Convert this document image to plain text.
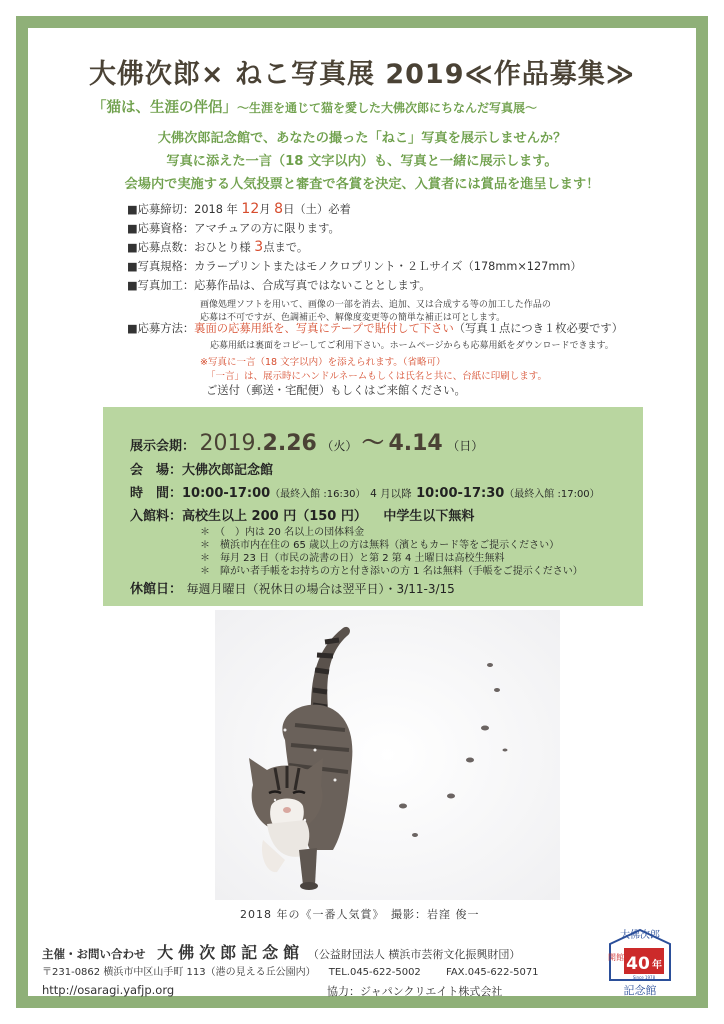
大佛次郎× ねこ写真展 2019≪作品募集≫
「猫は、生涯の伴侶」～生涯を通じて猫を愛した大佛次郎にちなんだ写真展～
大佛次郎記念館で、あなたの撮った「ねこ」写真を展示しませんか？
写真に添えた一言（18 文字以内）も、写真と一緒に展示します。
会場内で実施する人気投票と審査で各賞を決定、入賞者には賞品を進呈します！
■応募締切：2018 年 12月 8日（土）必着
■応募資格：アマチュアの方に限ります。
■応募点数：おひとり様 3点まで。
■写真規格：カラープリントまたはモノクロプリント・２Ｌサイズ（178mm×127mm）
■写真加工：応募作品は、合成写真ではないこととします。
画像処理ソフトを用いて、画像の一部を消去、追加、又は合成する等の加工した作品の
応募は不可ですが、色調補正や、解像度変更等の簡単な補正は可とします。
■応募方法：裏面の応募用紙を、写真にテープで貼付して下さい（写真１点につき１枚必要です）
応募用紙は裏面をコピーしてご利用下さい。ホームページからも応募用紙をダウンロードできます。
※写真に一言（18 文字以内）を添えられます。（省略可）
「一言」は、展示時にハンドルネームもしくは氏名と共に、台紙に印刷します。
ご送付（郵送・宅配便）もしくはご来館ください。
展示会期： 2019.2.26 （火） ～ 4.14 （日）
会　場：大佛次郎記念館
時　間：10:00-17:00（最終入館 :16:30） 4 月以降 10:00-17:30（最終入館 :17:00）
入館料：高校生以上 200 円（150 円） 中学生以下無料
＊　（　）内は 20 名以上の団体料金
＊　横浜市内在住の 65 歳以上の方は無料（濱ともカード等をご提示ください）
＊　毎月 23 日（市民の読書の日）と第 2 第 4 土曜日は高校生無料
＊　障がい者手帳をお持ちの方と付き添いの方 1 名は無料（手帳をご提示ください）
休館日： 毎週月曜日（祝休日の場合は翌平日）・3/11-3/15
2018 年の《一番人気賞》　撮影：岩窪 俊一
主催・お問い合わせ 大佛次郎記念館 （公益財団法人 横浜市芸術文化振興財団）
〒231-0862 横浜市中区山手町 113（港の見える丘公園内） TEL.045-622-5002	FAX.045-622-5071
http://osaragi.yafjp.org	協力：ジャパンクリエイト株式会社
大佛次郎
開館 40 年
Since 1978
記念館
